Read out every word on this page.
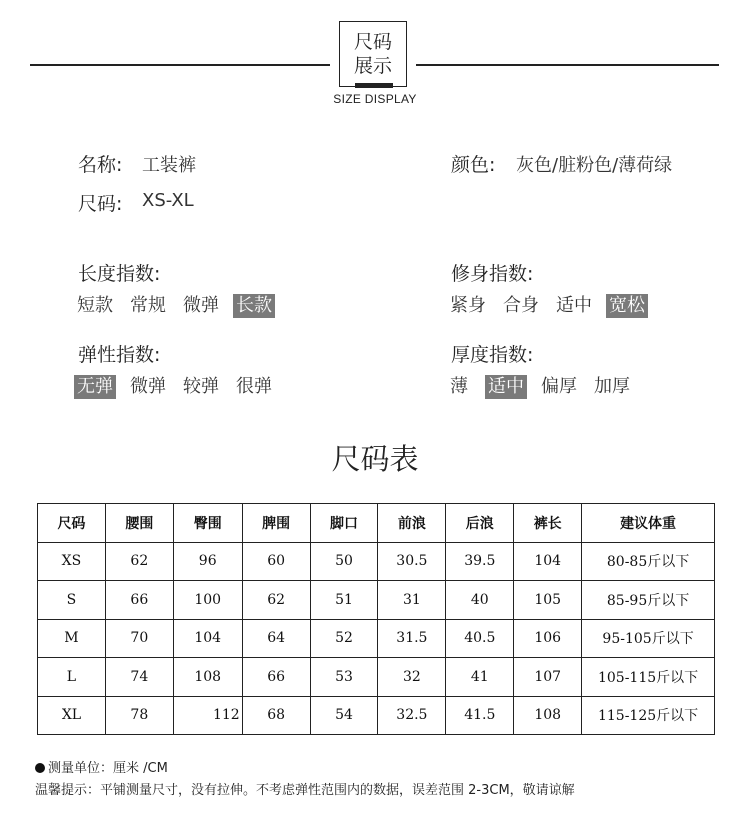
尺码
展示
SIZE DISPLAY
名称: 工装裤
尺码: XS-XL
颜色: 灰色/脏粉色/薄荷绿
长度指数:
短款 常规 微弹 长款
修身指数:
紧身 合身 适中 宽松
弹性指数:
无弹 微弹 较弹 很弹
厚度指数:
薄 适中 偏厚 加厚
尺码表
尺码	腰围	臀围	脾围	脚口	前浪	后浪	裤长	建议体重
XS	62	96	60	50	30.5	39.5	104	80-85斤以下
S	66	100	62	51	31	40	105	85-95斤以下
M	70	104	64	52	31.5	40.5	106	95-105斤以下
L	74	108	66	53	32	41	107	105-115斤以下
XL	78	112	68	54	32.5	41.5	108	115-125斤以下
测量单位：厘米 /CM
温馨提示：平铺测量尺寸，没有拉伸。不考虑弹性范围内的数据，误差范围 2-3CM，敬请谅解
